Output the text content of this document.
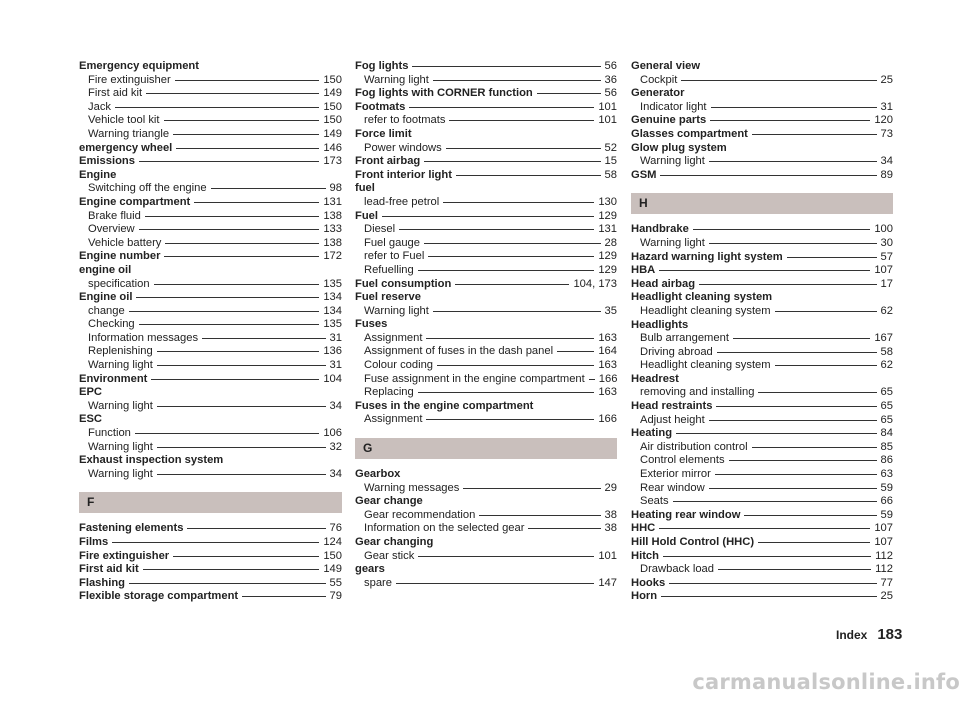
Emergency equipment
Fire extinguisher	150
First aid kit	149
Jack	150
Vehicle tool kit	150
Warning triangle	149
emergency wheel	146
Emissions	173
Engine
Switching off the engine	98
Engine compartment	131
Brake fluid	138
Overview	133
Vehicle battery	138
Engine number	172
engine oil
specification	135
Engine oil	134
change	134
Checking	135
Information messages	31
Replenishing	136
Warning light	31
Environment	104
EPC
Warning light	34
ESC
Function	106
Warning light	32
Exhaust inspection system
Warning light	34
F
Fastening elements	76
Films	124
Fire extinguisher	150
First aid kit	149
Flashing	55
Flexible storage compartment	79
Fog lights	56
Warning light	36
Fog lights with CORNER function	56
Footmats	101
refer to footmats	101
Force limit
Power windows	52
Front airbag	15
Front interior light	58
fuel
lead-free petrol	130
Fuel	129
Diesel	131
Fuel gauge	28
refer to Fuel	129
Refuelling	129
Fuel consumption	104, 173
Fuel reserve
Warning light	35
Fuses
Assignment	163
Assignment of fuses in the dash panel	164
Colour coding	163
Fuse assignment in the engine compartment 166
Replacing	163
Fuses in the engine compartment
Assignment	166
G
Gearbox
Warning messages	29
Gear change
Gear recommendation	38
Information on the selected gear	38
Gear changing
Gear stick	101
gears
spare	147
General view
Cockpit	25
Generator
Indicator light	31
Genuine parts	120
Glasses compartment	73
Glow plug system
Warning light	34
GSM	89
H
Handbrake	100
Warning light	30
Hazard warning light system	57
HBA	107
Head airbag	17
Headlight cleaning system
Headlight cleaning system	62
Headlights
Bulb arrangement	167
Driving abroad	58
Headlight cleaning system	62
Headrest
removing and installing	65
Head restraints	65
Adjust height	65
Heating	84
Air distribution control	85
Control elements	86
Exterior mirror	63
Rear window	59
Seats	66
Heating rear window	59
HHC	107
Hill Hold Control (HHC)	107
Hitch	112
Drawback load	112
Hooks	77
Horn	25
Index 183
carmanualsonline.info
